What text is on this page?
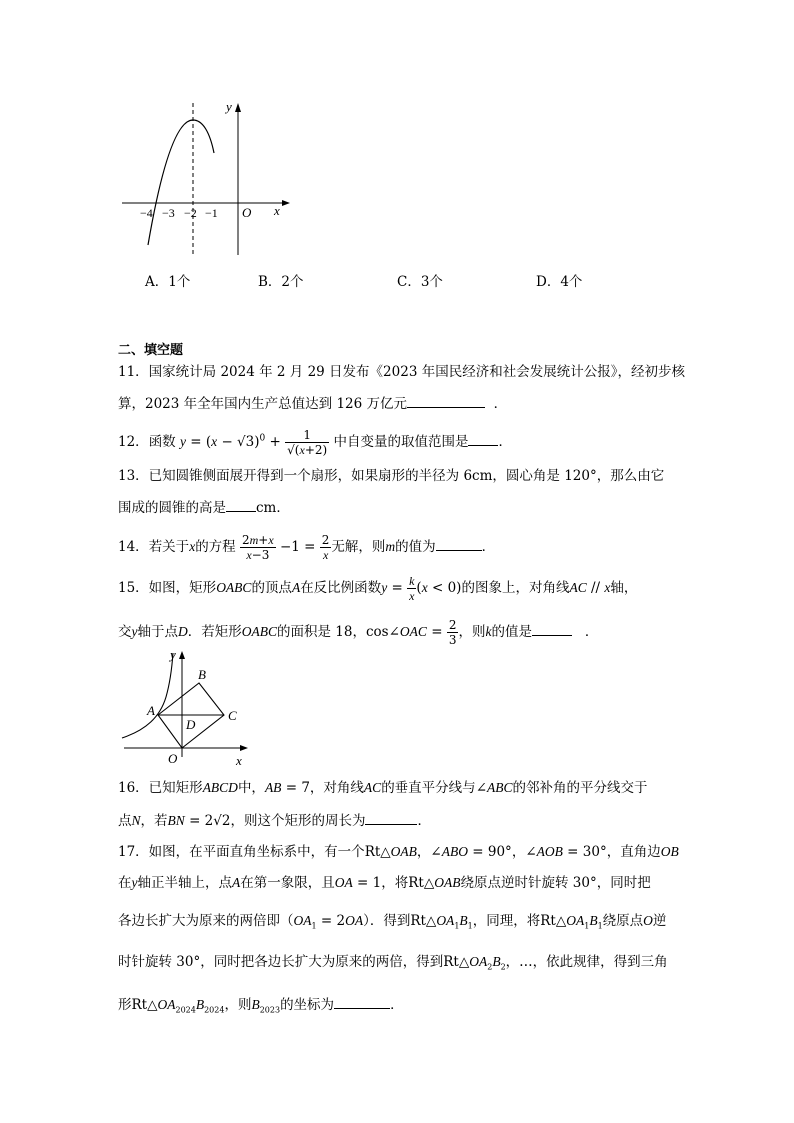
y
x
O
−4 −3 −2 −1
A．1个	B．2个	C．3个	D．4个
二、填空题
11．国家统计局 2024 年 2 月 29 日发布《2023 年国民经济和社会发展统计公报》，经初步核
算，2023 年全年国内生产总值达到 126 万亿元	．
12．函数 $y = (x - √3)^0 + \frac{1}{√(x+2)}$ 中自变量的取值范围是 ．
13．已知圆锥侧面展开得到一个扇形，如果扇形的半径为 6cm，圆心角是 120°，那么由它
围成的圆锥的高是 cm．
14．若关于x的方程 $\frac{2m+x}{x-3} -1 = \frac{2}{x}$ 无解，则m的值为	．
15．如图，矩形OABC的顶点A在反比例函数$y = \frac{k}{x} (x < 0)$的图象上，对角线AC // x轴，
交y轴于点D．若矩形OABC的面积是 18，cos∠OAC = $\frac{2}{3}$ ，则k的值是	．
y
x
A
B
C
D
O
16．已知矩形ABCD中，AB = 7，对角线AC的垂直平分线与∠ABC的邻补角的平分线交于
点N，若BN = 2√2，则这个矩形的周长为	．
17．如图，在平面直角坐标系中，有一个Rt△OAB，∠ABO = 90°，∠AOB = 30°，直角边OB
在y轴正半轴上，点A在第一象限，且OA = 1，将Rt△OAB绕原点逆时针旋转 30°，同时把
各边长扩大为原来的两倍即$(OA_1 = 2OA)$．得到$Rt\triangle OA_1B_1$，同理，将$Rt\triangle OA_1B_1$绕原点O逆
时针旋转 30°，同时把各边长扩大为原来的两倍，得到$Rt\triangle OA_2B_2$，…，依此规律，得到三角
形$Rt\triangle OA_{2024}B_{2024}$，则$B_{2023}$的坐标为	．
